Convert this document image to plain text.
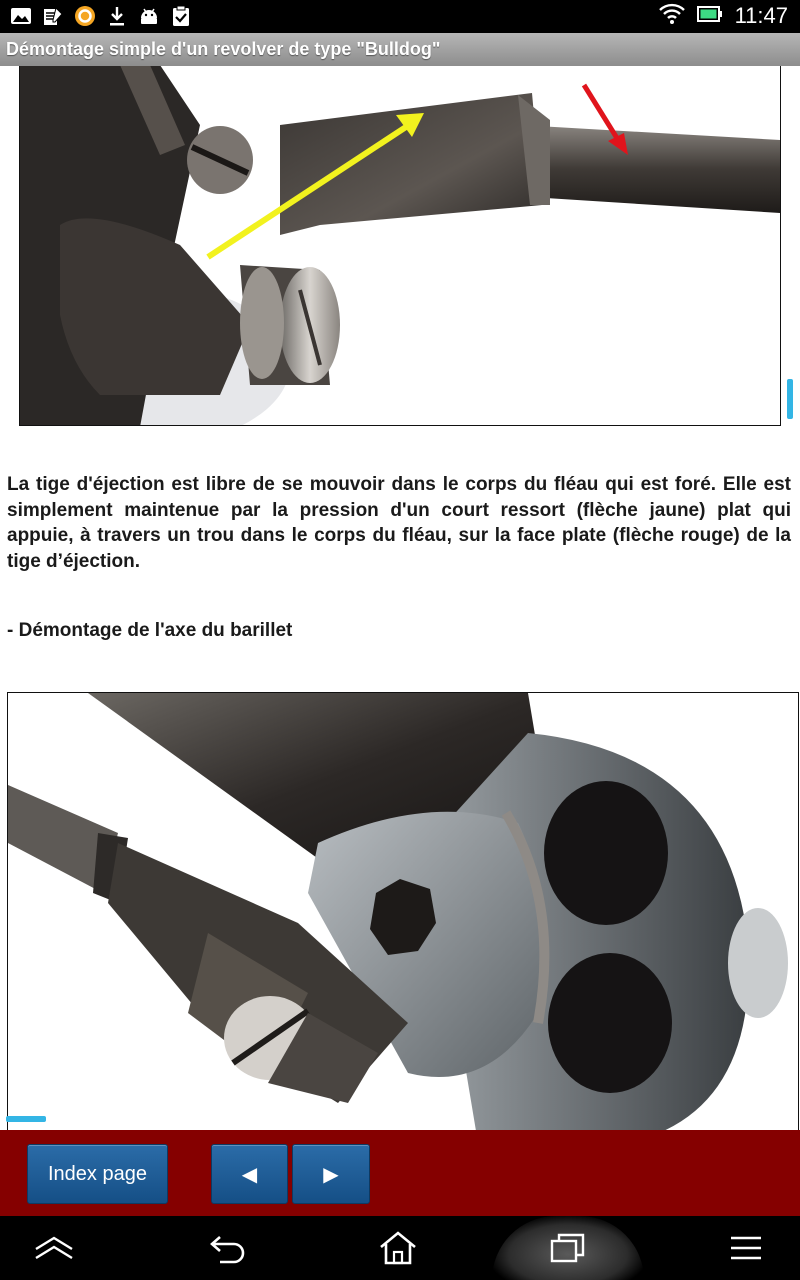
11:47
Démontage simple d'un revolver de type "Bulldog"

La tige d'éjection est libre de se mouvoir dans le corps du fléau qui est foré. Elle est simplement maintenue par la pression d'un court ressort (flèche jaune) plat qui appuie, à travers un trou dans le corps du fléau, sur la face plate (flèche rouge) de la tige d’éjection.

- Démontage de l'axe du barillet

Index page	◀	▶
